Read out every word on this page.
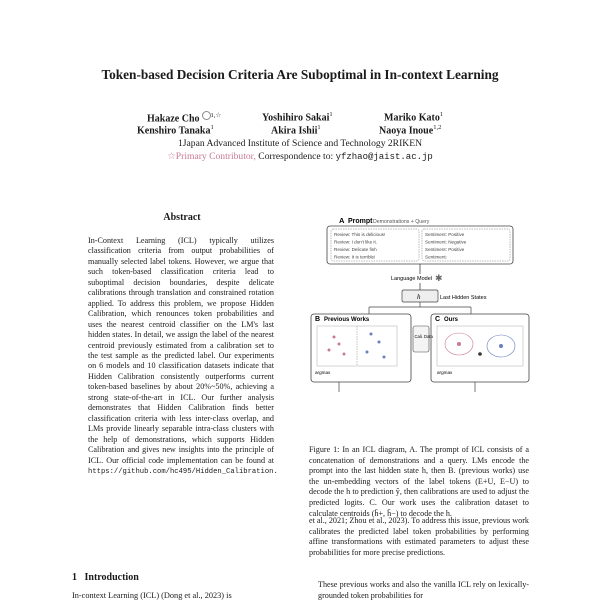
Token-based Decision Criteria Are Suboptimal in In-context Learning
Hakaze Cho $^{1,☆}$	Yoshihiro Sakai$^1$	Mariko Kato$^1$
Kenshiro Tanaka$^1$	Akira Ishii$^1$	Naoya Inoue$^{1,2}$
1Japan Advanced Institute of Science and Technology 2RIKEN
☆Primary Contributor, Correspondence to: yfzhao@jaist.ac.jp
Abstract
In-Context Learning (ICL) typically utilizes classification criteria from output probabilities of manually selected label tokens. However, we argue that such token-based classification criteria lead to suboptimal decision boundaries, despite delicate calibrations through translation and constrained rotation applied. To address this problem, we propose Hidden Calibration, which renounces token probabilities and uses the nearest centroid classifier on the LM's last hidden states. In detail, we assign the label of the nearest centroid previously estimated from a calibration set to the test sample as the predicted label. Our experiments on 6 models and 10 classification datasets indicate that Hidden Calibration consistently outperforms current token-based baselines by about 20%~50%, achieving a strong state-of-the-art in ICL. Our further analysis demonstrates that Hidden Calibration finds better classification criteria with less inter-class overlap, and LMs provide linearly separable intra-class clusters with the help of demonstrations, which supports Hidden Calibration and gives new insights into the principle of ICL. Our official code implementation can be found at https://github.com/hc495/Hidden_Calibration.
1 Introduction
In-context Learning (ICL) (Dong et al., 2023) is
A Prompt Demonstrations + Query
Review: This is delicious!	Sentiment: Positive
Review: I don't like it.	Sentiment: Negative
Review: Delicate fish	Sentiment: Positive
Review: It is terrible!	Sentiment:
Language Model ✱
h	Last Hidden States
B Previous Works
argmax
Cali. Data
C Ours
argmax
Figure 1: In an ICL diagram, A. The prompt of ICL consists of a concatenation of demonstrations and a query. LMs encode the prompt into the last hidden state h, then B. (previous works) use the un-embedding vectors of the label tokens (E+U, E−U) to decode the h to prediction ŷ, then calibrations are used to adjust the predicted logits. C. Our work uses the calibration dataset to calculate centroids (h̄+, h̄−) to decode the h.
et al., 2021; Zhou et al., 2023). To address this issue, previous work calibrates the predicted label token probabilities by performing affine transformations with estimated parameters to adjust these probabilities for more precise predictions.
These previous works and also the vanilla ICL rely on lexically-grounded token probabilities for
